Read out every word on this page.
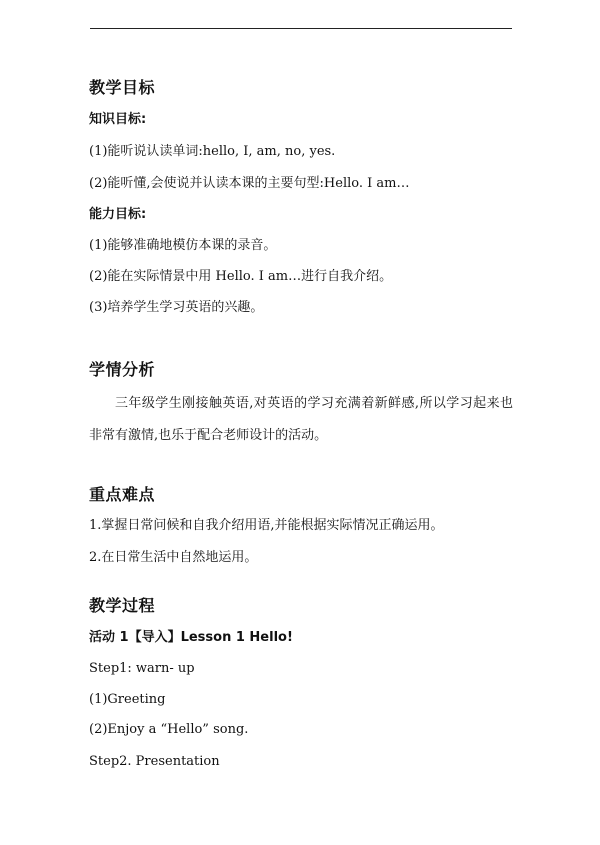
教学目标
知识目标:
(1)能听说认读单词:hello, I, am, no, yes.
(2)能听懂,会使说并认读本课的主要句型:Hello. I am…
能力目标:
(1)能够准确地模仿本课的录音。
(2)能在实际情景中用 Hello. I am…进行自我介绍。
(3)培养学生学习英语的兴趣。
学情分析
三年级学生刚接触英语,对英语的学习充满着新鲜感,所以学习起来也非常有激情,也乐于配合老师设计的活动。
重点难点
1.掌握日常问候和自我介绍用语,并能根据实际情况正确运用。
2.在日常生活中自然地运用。
教学过程
活动 1【导入】Lesson 1 Hello!
Step1: warn- up
(1)Greeting
(2)Enjoy a “Hello” song.
Step2. Presentation
